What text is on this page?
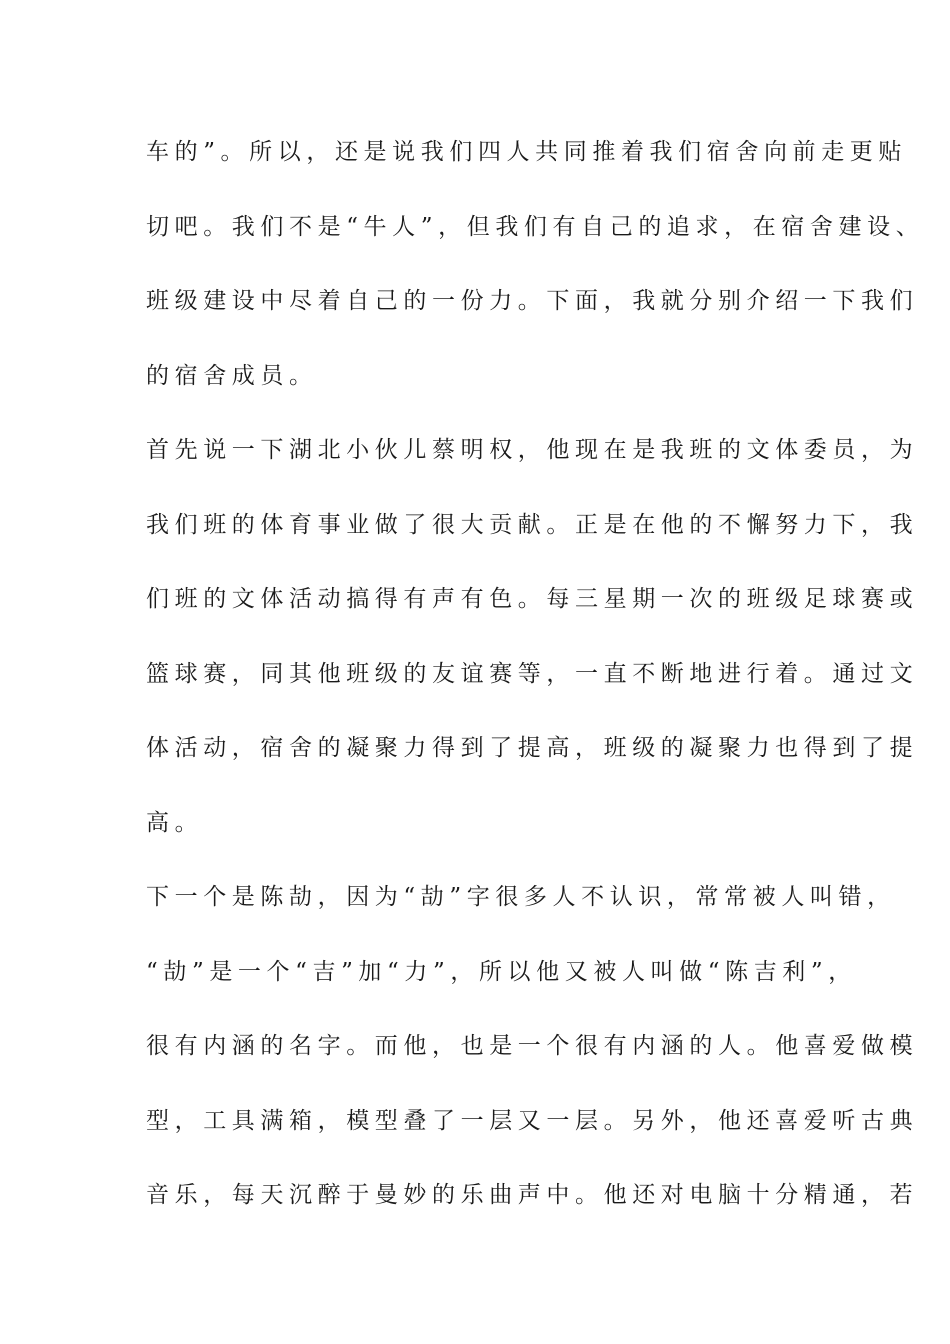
车的”。所以，还是说我们四人共同推着我们宿舍向前走更贴
切吧。我们不是“牛人”，但我们有自己的追求，在宿舍建设、
班级建设中尽着自己的一份力。下面，我就分别介绍一下我们
的宿舍成员。
首先说一下湖北小伙儿蔡明权，他现在是我班的文体委员，为
我们班的体育事业做了很大贡献。正是在他的不懈努力下，我
们班的文体活动搞得有声有色。每三星期一次的班级足球赛或
篮球赛，同其他班级的友谊赛等，一直不断地进行着。通过文
体活动，宿舍的凝聚力得到了提高，班级的凝聚力也得到了提
高。
下一个是陈劼，因为“劼”字很多人不认识，常常被人叫错，
“劼”是一个“吉”加“力”，所以他又被人叫做“陈吉利”，
很有内涵的名字。而他，也是一个很有内涵的人。他喜爱做模
型，工具满箱，模型叠了一层又一层。另外，他还喜爱听古典
音乐，每天沉醉于曼妙的乐曲声中。他还对电脑十分精通，若
